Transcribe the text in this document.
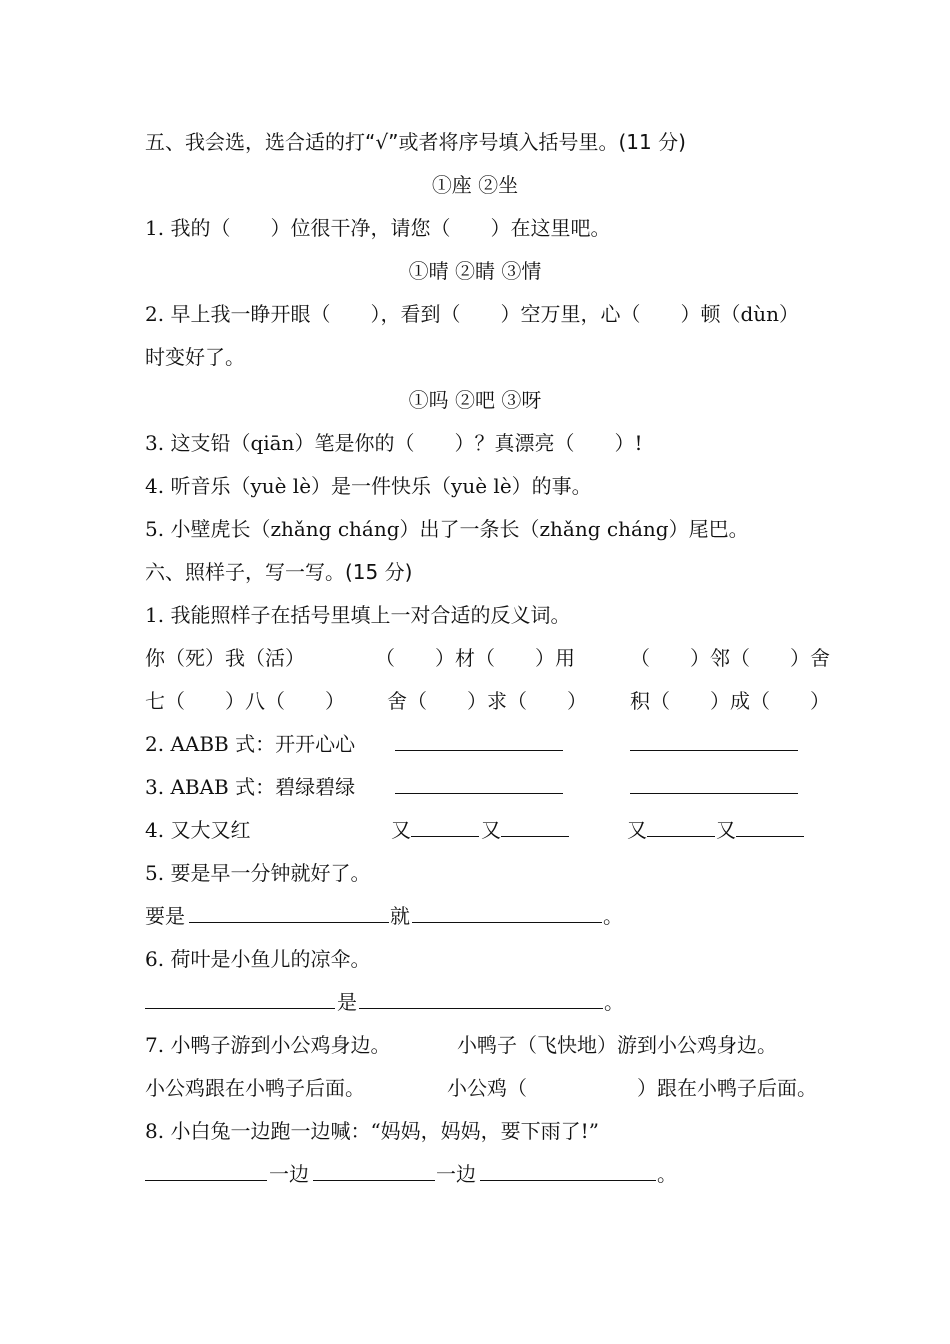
五、我会选，选合适的打“√”或者将序号填入括号里。(11 分)
①座 ②坐
1. 我的（　　）位很干净，请您（　　）在这里吧。
①晴 ②睛 ③情
2. 早上我一睁开眼（　　），看到（　　）空万里，心（　　）顿（dùn）
时变好了。
①吗 ②吧 ③呀
3. 这支铅（qiān）笔是你的（　　）？真漂亮（　　）!
4. 听音乐（yuè lè）是一件快乐（yuè lè）的事。
5. 小壁虎长（zhǎng cháng）出了一条长（zhǎng cháng）尾巴。
六、照样子，写一写。(15 分)
1. 我能照样子在括号里填上一对合适的反义词。
你（死）我（活）	（　　）材（　　）用	（　　）邻（　　）舍
七（　　）八（　　） 舍（　　）求（　　） 积（　　）成（　　）
2. AABB 式：开开心心
3. ABAB 式：碧绿碧绿
4. 又大又红	又	又	又	又
5. 要是早一分钟就好了。
要是	就	。
6. 荷叶是小鱼儿的凉伞。
是	。
7. 小鸭子游到小公鸡身边。	小鸭子（飞快地）游到小公鸡身边。
小公鸡跟在小鸭子后面。	小公鸡（	）跟在小鸭子后面。
8. 小白兔一边跑一边喊：“妈妈，妈妈，要下雨了!”
一边	一边	。
